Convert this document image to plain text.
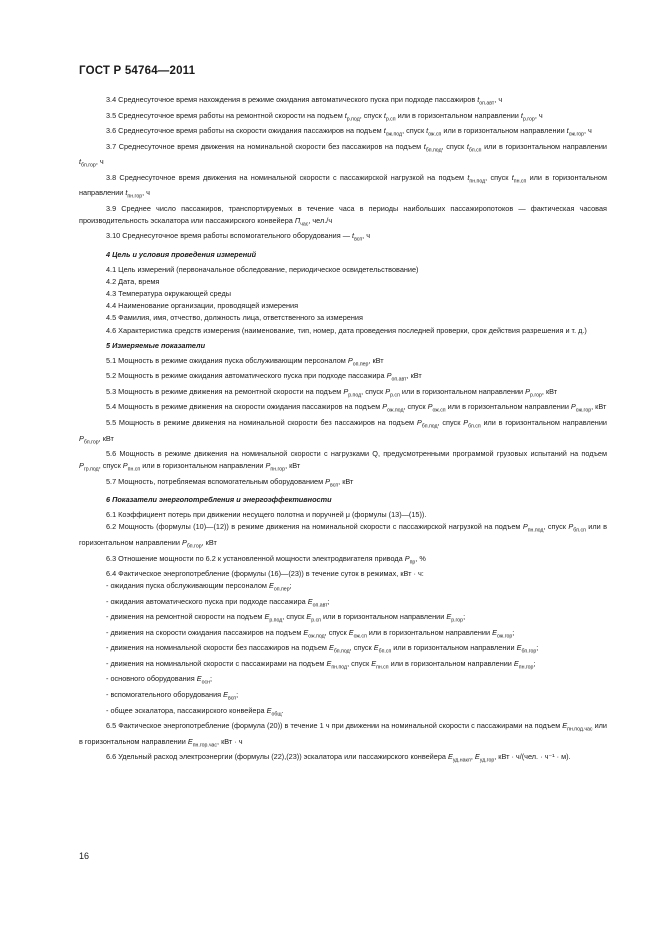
ГОСТ Р 54764—2011

3.4 Среднесуточное время нахождения в режиме ожидания автоматического пуска при подходе пассажиров $t_{оп.авт}$, ч

3.5 Среднесуточное время работы на ремонтной скорости на подъем $t_{р.под}$, спуск $t_{р.сп}$ или в горизонтальном направлении $t_{р.гор}$, ч

3.6 Среднесуточное время работы на скорости ожидания пассажиров на подъем $t_{ож.под}$, спуск $t_{ож.сп}$ или в горизонтальном направлении $t_{ож.гор}$, ч

3.7 Среднесуточное время движения на номинальной скорости без пассажиров на подъем $t_{бп.под}$, спуск $t_{бп.сп}$ или в горизонтальном направлении $t_{бп.гор}$, ч

3.8 Среднесуточное время движения на номинальной скорости с пассажирской нагрузкой на подъем $t_{пн.под}$, спуск $t_{пн.сп}$ или в горизонтальном направлении $t_{пн.гор}$, ч

3.9 Среднее число пассажиров, транспортируемых в течение часа в периоды наибольших пассажиропотоков — фактическая часовая производительность эскалатора или пассажирского конвейера $П_{час}$, чел./ч

3.10 Среднесуточное время работы вспомогательного оборудования — $t_{всп}$, ч

4 Цель и условия проведения измерений

4.1 Цель измерений (первоначальное обследование, периодическое освидетельствование)

4.2 Дата, время

4.3 Температура окружающей среды

4.4 Наименование организации, проводящей измерения

4.5 Фамилия, имя, отчество, должность лица, ответственного за измерения

4.6 Характеристика средств измерения (наименование, тип, номер, дата проведения последней проверки, срок действия разрешения и т. д.)

5 Измеряемые показатели

5.1 Мощность в режиме ожидания пуска обслуживающим персоналом $P_{оп.пер}$, кВт

5.2 Мощность в режиме ожидания автоматического пуска при подходе пассажира $P_{оп.авт}$, кВт

5.3 Мощность в режиме движения на ремонтной скорости на подъем $P_{р.под}$, спуск $P_{р.сп}$ или в горизонтальном направлении $P_{р.гор}$, кВт

5.4 Мощность в режиме движения на скорости ожидания пассажиров на подъем $P_{ож.под}$, спуск $P_{ож.сп}$ или в горизонтальном направлении $P_{ож.гор}$, кВт

5.5 Мощность в режиме движения на номинальной скорости без пассажиров на подъем $P_{бп.под}$, спуск $P_{бп.сп}$ или в горизонтальном направлении $P_{бп.гор}$, кВт

5.6 Мощность в режиме движения на номинальной скорости с нагрузками Q, предусмотренными программой грузовых испытаний на подъем $P_{гр.под}$, спуск $P_{пн.сп}$ или в горизонтальном направлении $P_{пн.гор}$, кВт

5.7 Мощность, потребляемая вспомогательным оборудованием $P_{всп}$, кВт

6 Показатели энергопотребления и энергоэффективности

6.1 Коэффициент потерь при движении несущего полотна и поручней μ (формулы (13)—(15)).

6.2 Мощность (формулы (10)—(12)) в режиме движения на номинальной скорости с пассажирской нагрузкой на подъем $P_{пн.под}$, спуск $P_{бп.сп}$ или в горизонтальном направлении $P_{бп.гор}$, кВт

6.3 Отношение мощности по 6.2 к установленной мощности электродвигателя привода $P_{пр}$, %

6.4 Фактическое энергопотребление (формулы (16)—(23)) в течение суток в режимах, кВт · ч:

- ожидания пуска обслуживающим персоналом $E_{оп.пер}$;

- ожидания автоматического пуска при подходе пассажира $E_{оп.авт}$;

- движения на ремонтной скорости на подъем $E_{р.под}$, спуск $E_{р.сп}$ или в горизонтальном направлении $E_{р.гор}$;

- движения на скорости ожидания пассажиров на подъем $E_{ож.под}$, спуск $E_{ож.сп}$ или в горизонтальном направлении $E_{ож.гор}$;

- движения на номинальной скорости без пассажиров на подъем $E_{бп.под}$, спуск $E_{бп.сп}$ или в горизонтальном направлении $E_{бп.гор}$;

- движения на номинальной скорости с пассажирами на подъем $E_{пн.под}$, спуск $E_{пн.сп}$ или в горизонтальном направлении $E_{пн.гор}$;

- основного оборудования $E_{осн}$;

- вспомогательного оборудования $E_{всп}$;

- общее эскалатора, пассажирского конвейера $E_{общ}$.

6.5 Фактическое энергопотребление (формула (20)) в течение 1 ч при движении на номинальной скорости с пассажирами на подъем $E_{пн.под.час}$ или в горизонтальном направлении $E_{пн.гор.час}$, кВт · ч

6.6 Удельный расход электроэнергии (формулы (22),(23)) эскалатора или пассажирского конвейера $E_{уд.накл}$, $E_{уд.гор}$, кВт · ч/(чел. · ч⁻¹ · м).

16
